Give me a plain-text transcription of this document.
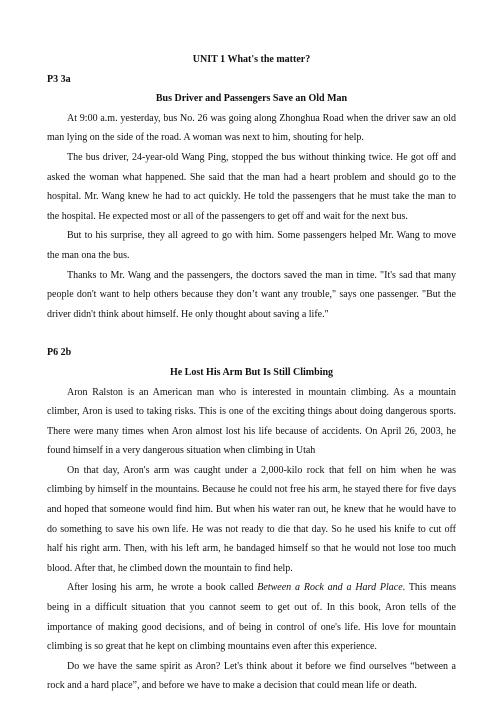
UNIT 1 What's the matter?

P3 3a

Bus Driver and Passengers Save an Old Man

At 9:00 a.m. yesterday, bus No. 26 was going along Zhonghua Road when the driver saw an old man lying on the side of the road. A woman was next to him, shouting for help.

The bus driver, 24-year-old Wang Ping, stopped the bus without thinking twice. He got off and asked the woman what happened. She said that the man had a heart problem and should go to the hospital. Mr. Wang knew he had to act quickly. He told the passengers that he must take the man to the hospital. He expected most or all of the passengers to get off and wait for the next bus.

But to his surprise, they all agreed to go with him. Some passengers helped Mr. Wang to move the man ona the bus.

Thanks to Mr. Wang and the passengers, the doctors saved the man in time. "It's sad that many people don't want to help others because they don’t want any trouble," says one passenger. "But the driver didn't think about himself. He only thought about saving a life."

P6 2b

He Lost His Arm But Is Still Climbing

Aron Ralston is an American man who is interested in mountain climbing. As a mountain climber, Aron is used to taking risks. This is one of the exciting things about doing dangerous sports. There were many times when Aron almost lost his life because of accidents. On April 26, 2003, he found himself in a very dangerous situation when climbing in Utah

On that day, Aron's arm was caught under a 2,000-kilo rock that fell on him when he was climbing by himself in the mountains. Because he could not free his arm, he stayed there for five days and hoped that someone would find him. But when his water ran out, he knew that he would have to do something to save his own life. He was not ready to die that day. So he used his knife to cut off half his right arm. Then, with his left arm, he bandaged himself so that he would not lose too much blood. After that, he climbed down the mountain to find help.

After losing his arm, he wrote a book called Between a Rock and a Hard Place. This means being in a difficult situation that you cannot seem to get out of. In this book, Aron tells of the importance of making good decisions, and of being in control of one's life. His love for mountain climbing is so great that he kept on climbing mountains even after this experience.

Do we have the same spirit as Aron? Let's think about it before we find ourselves “between a rock and a hard place”, and before we have to make a decision that could mean life or death.
